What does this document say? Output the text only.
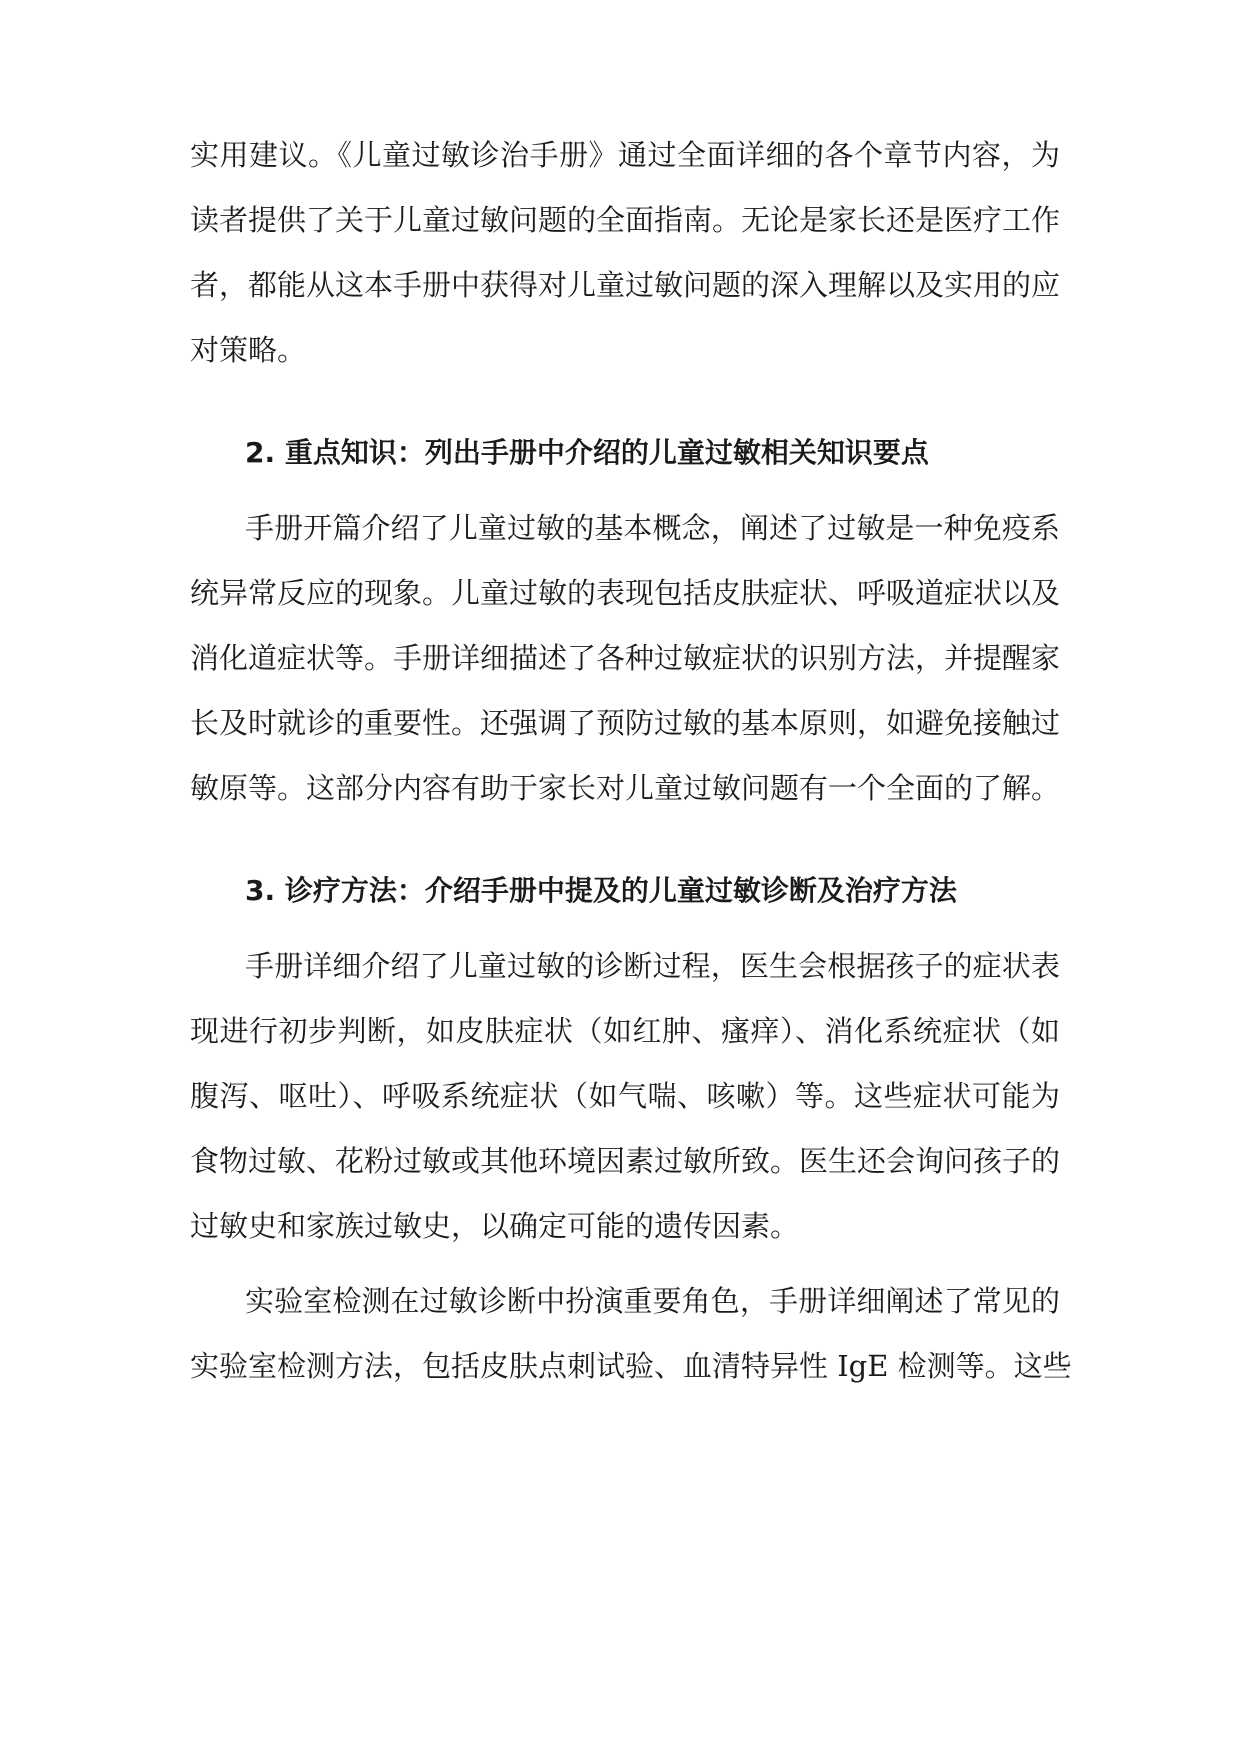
实用建议。《儿童过敏诊治手册》通过全面详细的各个章节内容，为
读者提供了关于儿童过敏问题的全面指南。无论是家长还是医疗工作
者，都能从这本手册中获得对儿童过敏问题的深入理解以及实用的应
对策略。
2. 重点知识：列出手册中介绍的儿童过敏相关知识要点
手册开篇介绍了儿童过敏的基本概念，阐述了过敏是一种免疫系
统异常反应的现象。儿童过敏的表现包括皮肤症状、呼吸道症状以及
消化道症状等。手册详细描述了各种过敏症状的识别方法，并提醒家
长及时就诊的重要性。还强调了预防过敏的基本原则，如避免接触过
敏原等。这部分内容有助于家长对儿童过敏问题有一个全面的了解。
3. 诊疗方法：介绍手册中提及的儿童过敏诊断及治疗方法
手册详细介绍了儿童过敏的诊断过程，医生会根据孩子的症状表
现进行初步判断，如皮肤症状（如红肿、瘙痒）、消化系统症状（如
腹泻、呕吐）、呼吸系统症状（如气喘、咳嗽）等。这些症状可能为
食物过敏、花粉过敏或其他环境因素过敏所致。医生还会询问孩子的
过敏史和家族过敏史，以确定可能的遗传因素。
实验室检测在过敏诊断中扮演重要角色，手册详细阐述了常见的
实验室检测方法，包括皮肤点刺试验、血清特异性 IgE 检测等。这些
